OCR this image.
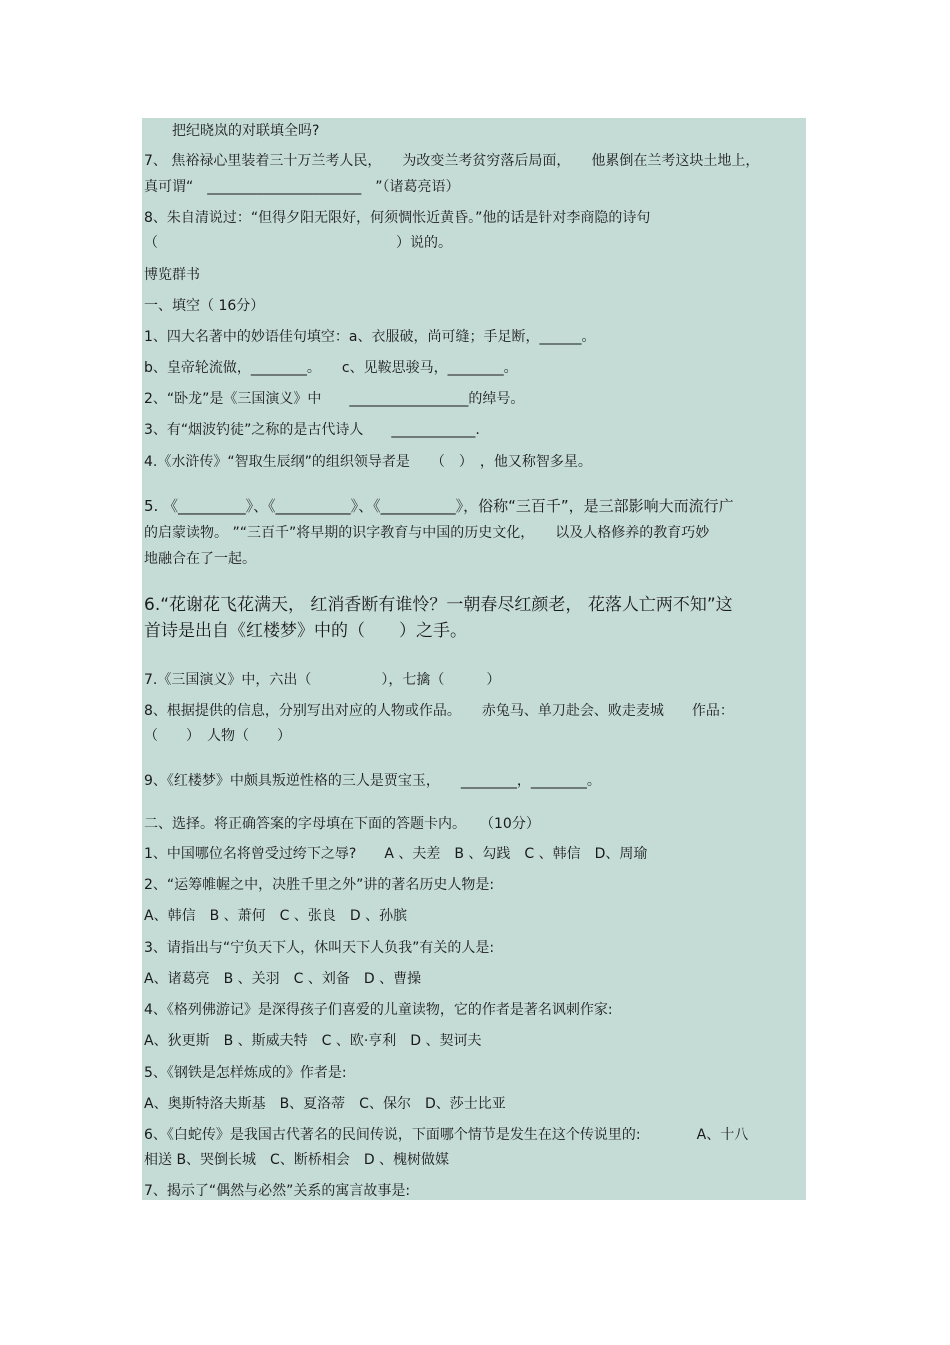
　　把纪晓岚的对联填全吗?
7、 焦裕禄心里装着三十万兰考人民，　　为改变兰考贫穷落后局面，　　他累倒在兰考这块土地上，
真可谓“　______________________　”（诸葛亮语）
8、朱自清说过：“但得夕阳无限好，何须惆怅近黄昏。”他的话是针对李商隐的诗句
（　　　　　　　　　　　　　　　　　）说的。
博览群书
一、填空（ 16分）
1、四大名著中的妙语佳句填空：a、衣服破，尚可缝；手足断，______。
b、皇帝轮流做，________。　　c、见鞍思骏马，________。
2、“卧龙”是《三国演义》中　　_________________的绰号。
3、有“烟波钓徒”之称的是古代诗人　　____________.
4.《水浒传》“智取生辰纲”的组织领导者是　　（　）　，他又称智多星。
5. 《_________》、《__________》、《__________》，俗称“三百千”，是三部影响大而流行广
的启蒙读物。 ”“三百千”将早期的识字教育与中国的历史文化，　　以及人格修养的教育巧妙
地融合在了一起。
6.“花谢花飞花满天， 红消香断有谁怜？一朝春尽红颜老， 花落人亡两不知”这
首诗是出自《红楼梦》中的（　　）之手。
7.《三国演义》中，六出（　　　　　），七擒（　　　）
8、根据提供的信息，分别写出对应的人物或作品。　　赤兔马、单刀赴会、败走麦城　　作品：
（　　）　人物（　　）
9、《红楼梦》中颇具叛逆性格的三人是贾宝玉，　　________，________。
二、选择。将正确答案的字母填在下面的答题卡内。　　（10分）
1、中国哪位名将曾受过绔下之辱?　　A 、夫差　B 、勾践　C 、韩信　D、周瑜
2、“运筹帷幄之中，决胜千里之外”讲的著名历史人物是:
A、韩信　B 、萧何　C 、张良　D 、孙膑
3、请指出与“宁负天下人，休叫天下人负我”有关的人是:
A、诸葛亮　B 、关羽　C 、刘备　D 、曹操
4、《格列佛游记》是深得孩子们喜爱的儿童读物，它的作者是著名讽刺作家:
A、狄更斯　B 、斯威夫特　C 、欧·亨利　D 、契诃夫
5、《钢铁是怎样炼成的》作者是:
A、奥斯特洛夫斯基　B、夏洛蒂　C、保尔　D、莎士比亚
6、《白蛇传》是我国古代著名的民间传说，下面哪个情节是发生在这个传说里的:　　　　A、十八
相送 B、哭倒长城　C、断桥相会　D 、槐树做媒
7、揭示了“偶然与必然”关系的寓言故事是:
